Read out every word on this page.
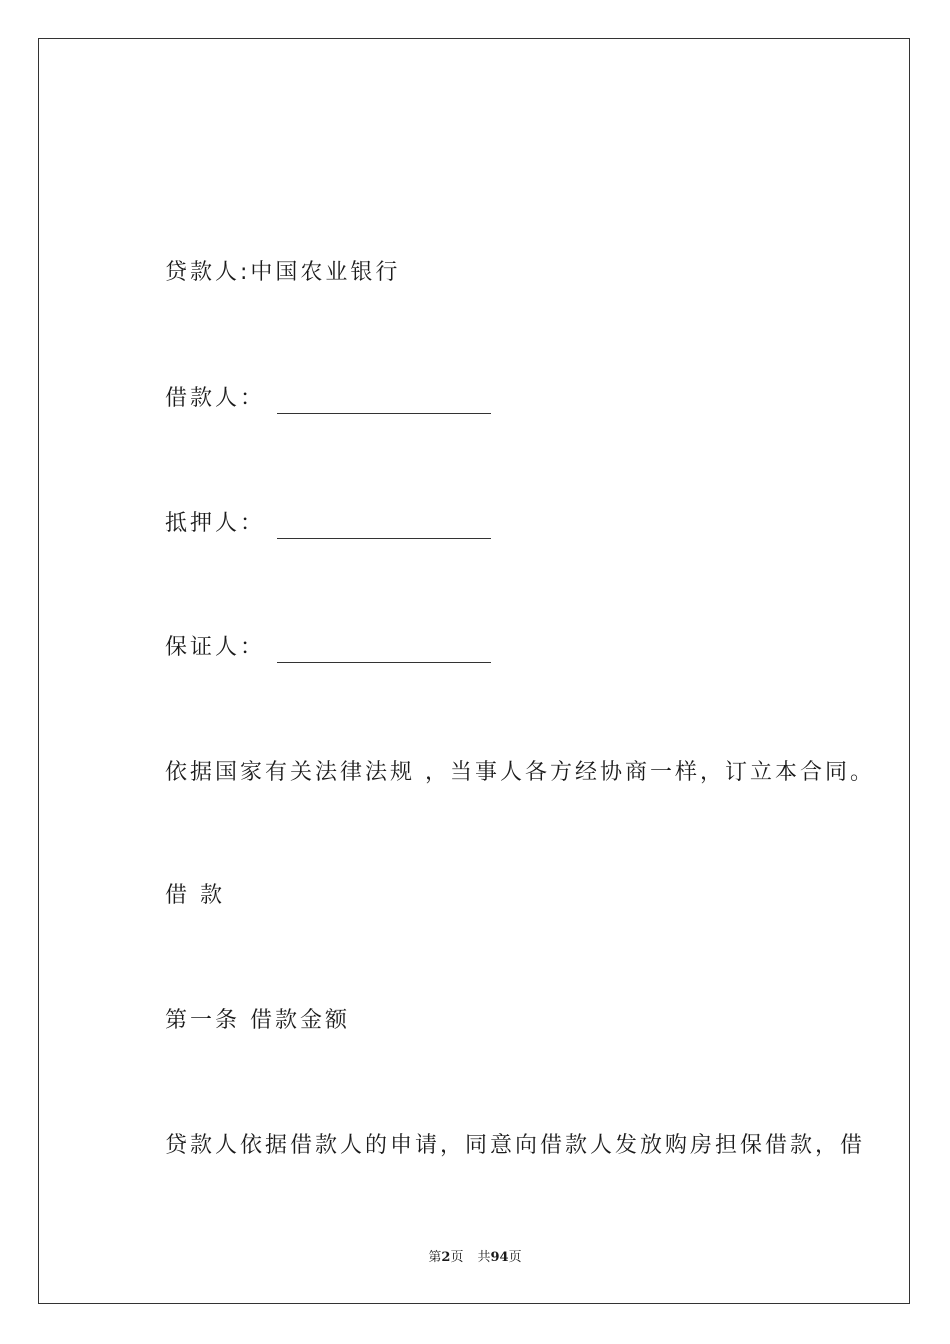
贷款人:中国农业银行
借款人：
抵押人：
保证人：
依据国家有关法律法规 ，当事人各方经协商一样，订立本合同。
借 款
第一条 借款金额
贷款人依据借款人的申请，同意向借款人发放购房担保借款，借
第2页 共94页
